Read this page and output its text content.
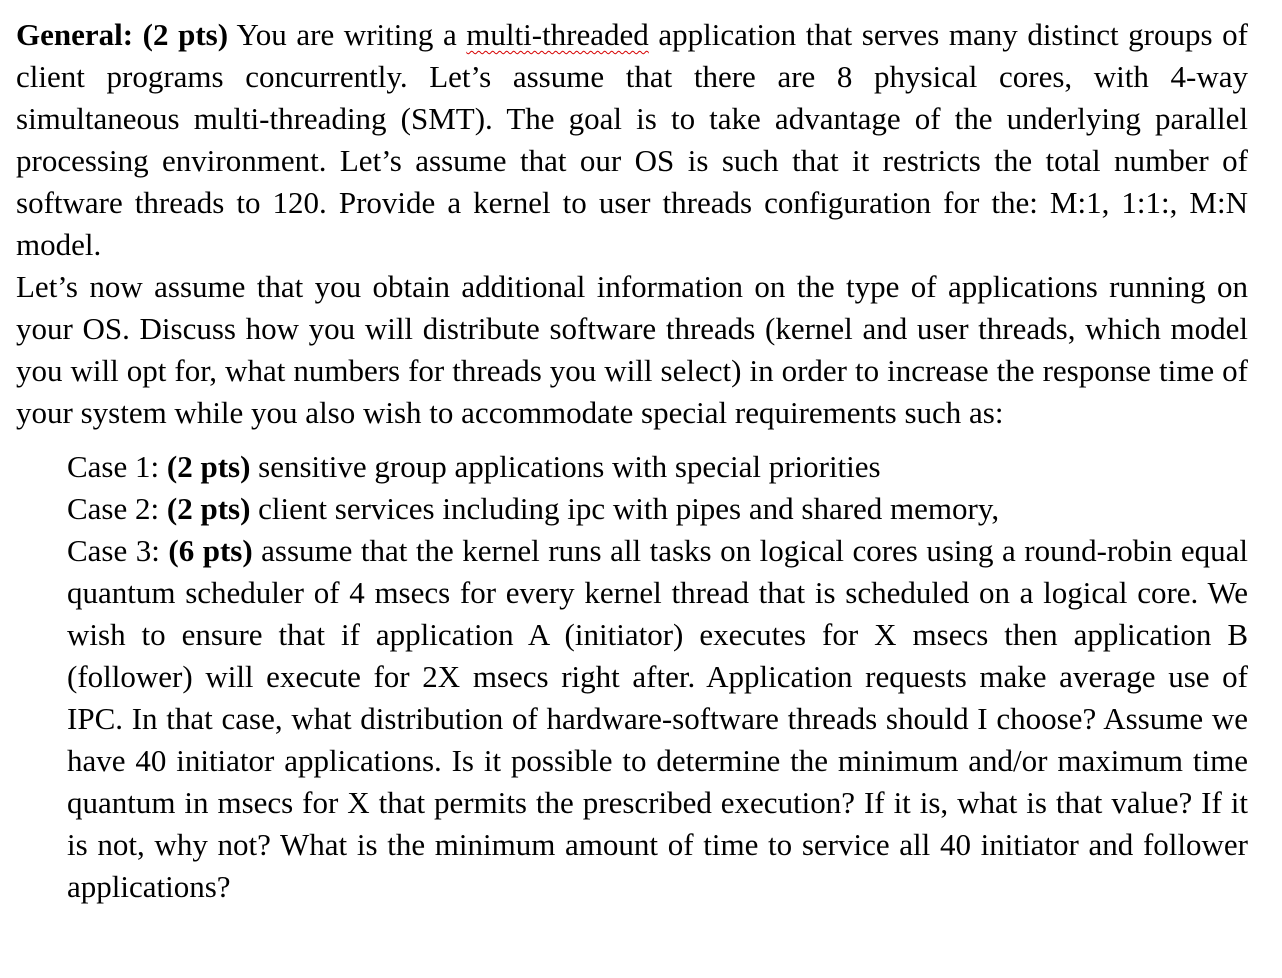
General: (2 pts) You are writing a multi-threaded application that serves many distinct groups of client programs concurrently. Let’s assume that there are 8 physical cores, with 4-way simultaneous multi-threading (SMT). The goal is to take advantage of the underlying parallel processing environment. Let’s assume that our OS is such that it restricts the total number of software threads to 120. Provide a kernel to user threads configuration for the: M:1, 1:1:, M:N model.

Let’s now assume that you obtain additional information on the type of applications running on your OS. Discuss how you will distribute software threads (kernel and user threads, which model you will opt for, what numbers for threads you will select) in order to increase the response time of your system while you also wish to accommodate special requirements such as:

Case 1: (2 pts) sensitive group applications with special priorities

Case 2: (2 pts) client services including ipc with pipes and shared memory,

Case 3: (6 pts) assume that the kernel runs all tasks on logical cores using a round-robin equal quantum scheduler of 4 msecs for every kernel thread that is scheduled on a logical core. We wish to ensure that if application A (initiator) executes for X msecs then application B (follower) will execute for 2X msecs right after. Application requests make average use of IPC. In that case, what distribution of hardware-software threads should I choose? Assume we have 40 initiator applications. Is it possible to determine the minimum and/or maximum time quantum in msecs for X that permits the prescribed execution? If it is, what is that value? If it is not, why not? What is the minimum amount of time to service all 40 initiator and follower applications?
